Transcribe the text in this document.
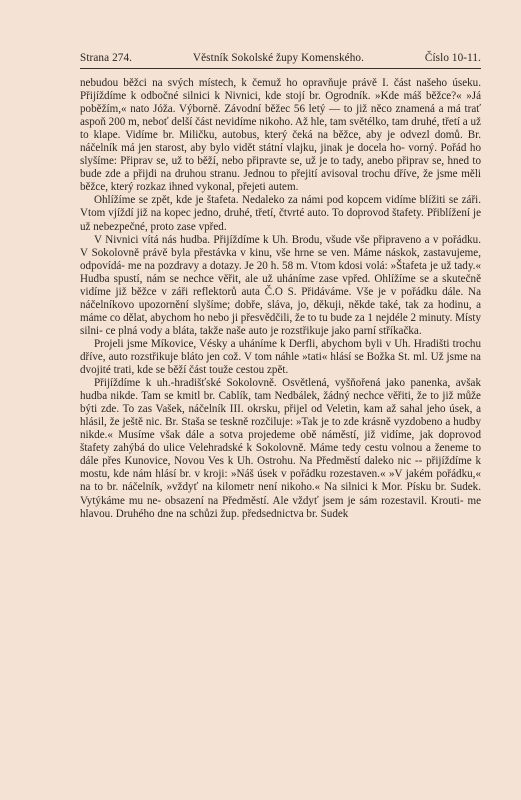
Strana 274.	Věstník Sokolské župy Komenského.	Číslo 10-11.

nebudou běžci na svých místech, k čemuž ho opravňuje právě I. část našeho úseku. Přijíždíme k odbočné silnici k Nivnici, kde stojí br. Ogrodník. »Kde máš běžce?« »Já poběžím,« nato Jóža. Výborně. Závodní běžec 56 letý — to již něco znamená a má trať aspoň 200 m, neboť delší část nevidíme nikoho. Až hle, tam světélko, tam druhé, třetí a už to klape. Vidíme br. Miličku, autobus, který čeká na běžce, aby je odvezl domů. Br. náčelník má jen starost, aby bylo vidět státní vlajku, jinak je docela ho- vorný. Pořád ho slyšíme: Připrav se, už to běží, nebo připravte se, už je to tady, anebo připrav se, hned to bude zde a přijdi na druhou stranu. Jednou to přejití avisoval trochu dříve, že jsme měli běžce, který rozkaz ihned vykonal, přejeti autem.

Ohlížíme se zpět, kde je štafeta. Nedaleko za námi pod kopcem vidíme blížiti se záři. Vtom vjíždí již na kopec jedno, druhé, třetí, čtvrté auto. To doprovod štafety. Přiblížení je už nebezpečné, proto zase vpřed.

V Nivnici vítá nás hudba. Přijíždíme k Uh. Brodu, všude vše připraveno a v pořádku. V Sokolovně právě byla přestávka v kinu, vše hrne se ven. Máme náskok, zastavujeme, odpovídá- me na pozdravy a dotazy. Je 20 h. 58 m. Vtom kdosi volá: »Štafeta je už tady.« Hudba spustí, nám se nechce věřit, ale už uháníme zase vpřed. Ohlížíme se a skutečně vidíme již běžce v záři reflektorů auta Č.O S. Přidáváme. Vše je v pořádku dále. Na náčelníkovo upozornění slyšíme; dobře, sláva, jo, děkuji, někde také, tak za hodinu, a máme co dělat, abychom ho nebo ji přesvědčili, že to tu bude za 1 nejdéle 2 minuty. Místy silni- ce plná vody a bláta, takže naše auto je rozstřikuje jako parní stříkačka.

Projeli jsme Míkovice, Vésky a uháníme k Derfli, abychom byli v Uh. Hradišti trochu dříve, auto rozstřikuje bláto jen což. V tom náhle »tati« hlásí se Božka St. ml. Už jsme na dvojité trati, kde se běží část touže cestou zpět.

Přijíždíme k uh.-hradišťské Sokolovně. Osvětlená, vyšňořená jako panenka, avšak hudba nikde. Tam se kmitl br. Cablík, tam Nedbálek, žádný nechce věřiti, že to již může býti zde. To zas Vašek, náčelník III. okrsku, přijel od Veletin, kam až sahal jeho úsek, a hlásil, že ještě nic. Br. Staša se teskně rozčiluje: »Tak je to zde krásně vyzdobeno a hudby nikde.« Musíme však dále a sotva projedeme obě náměstí, již vidíme, jak doprovod štafety zahýbá do ulice Velehradské k Sokolovně. Máme tedy cestu volnou a ženeme to dále přes Kunovice, Novou Ves k Uh. Ostrohu. Na Předměstí daleko nic -- přijíždíme k mostu, kde nám hlásí br. v kroji: »Náš úsek v pořádku rozestaven.« »V jakém pořádku,« na to br. náčelník, »vždyť na kilometr není nikoho.« Na silnici k Mor. Písku br. Sudek. Vytýkáme mu ne- obsazení na Předměstí. Ale vždyť jsem je sám rozestavil. Krouti- me hlavou. Druhého dne na schůzi žup. předsednictva br. Sudek
